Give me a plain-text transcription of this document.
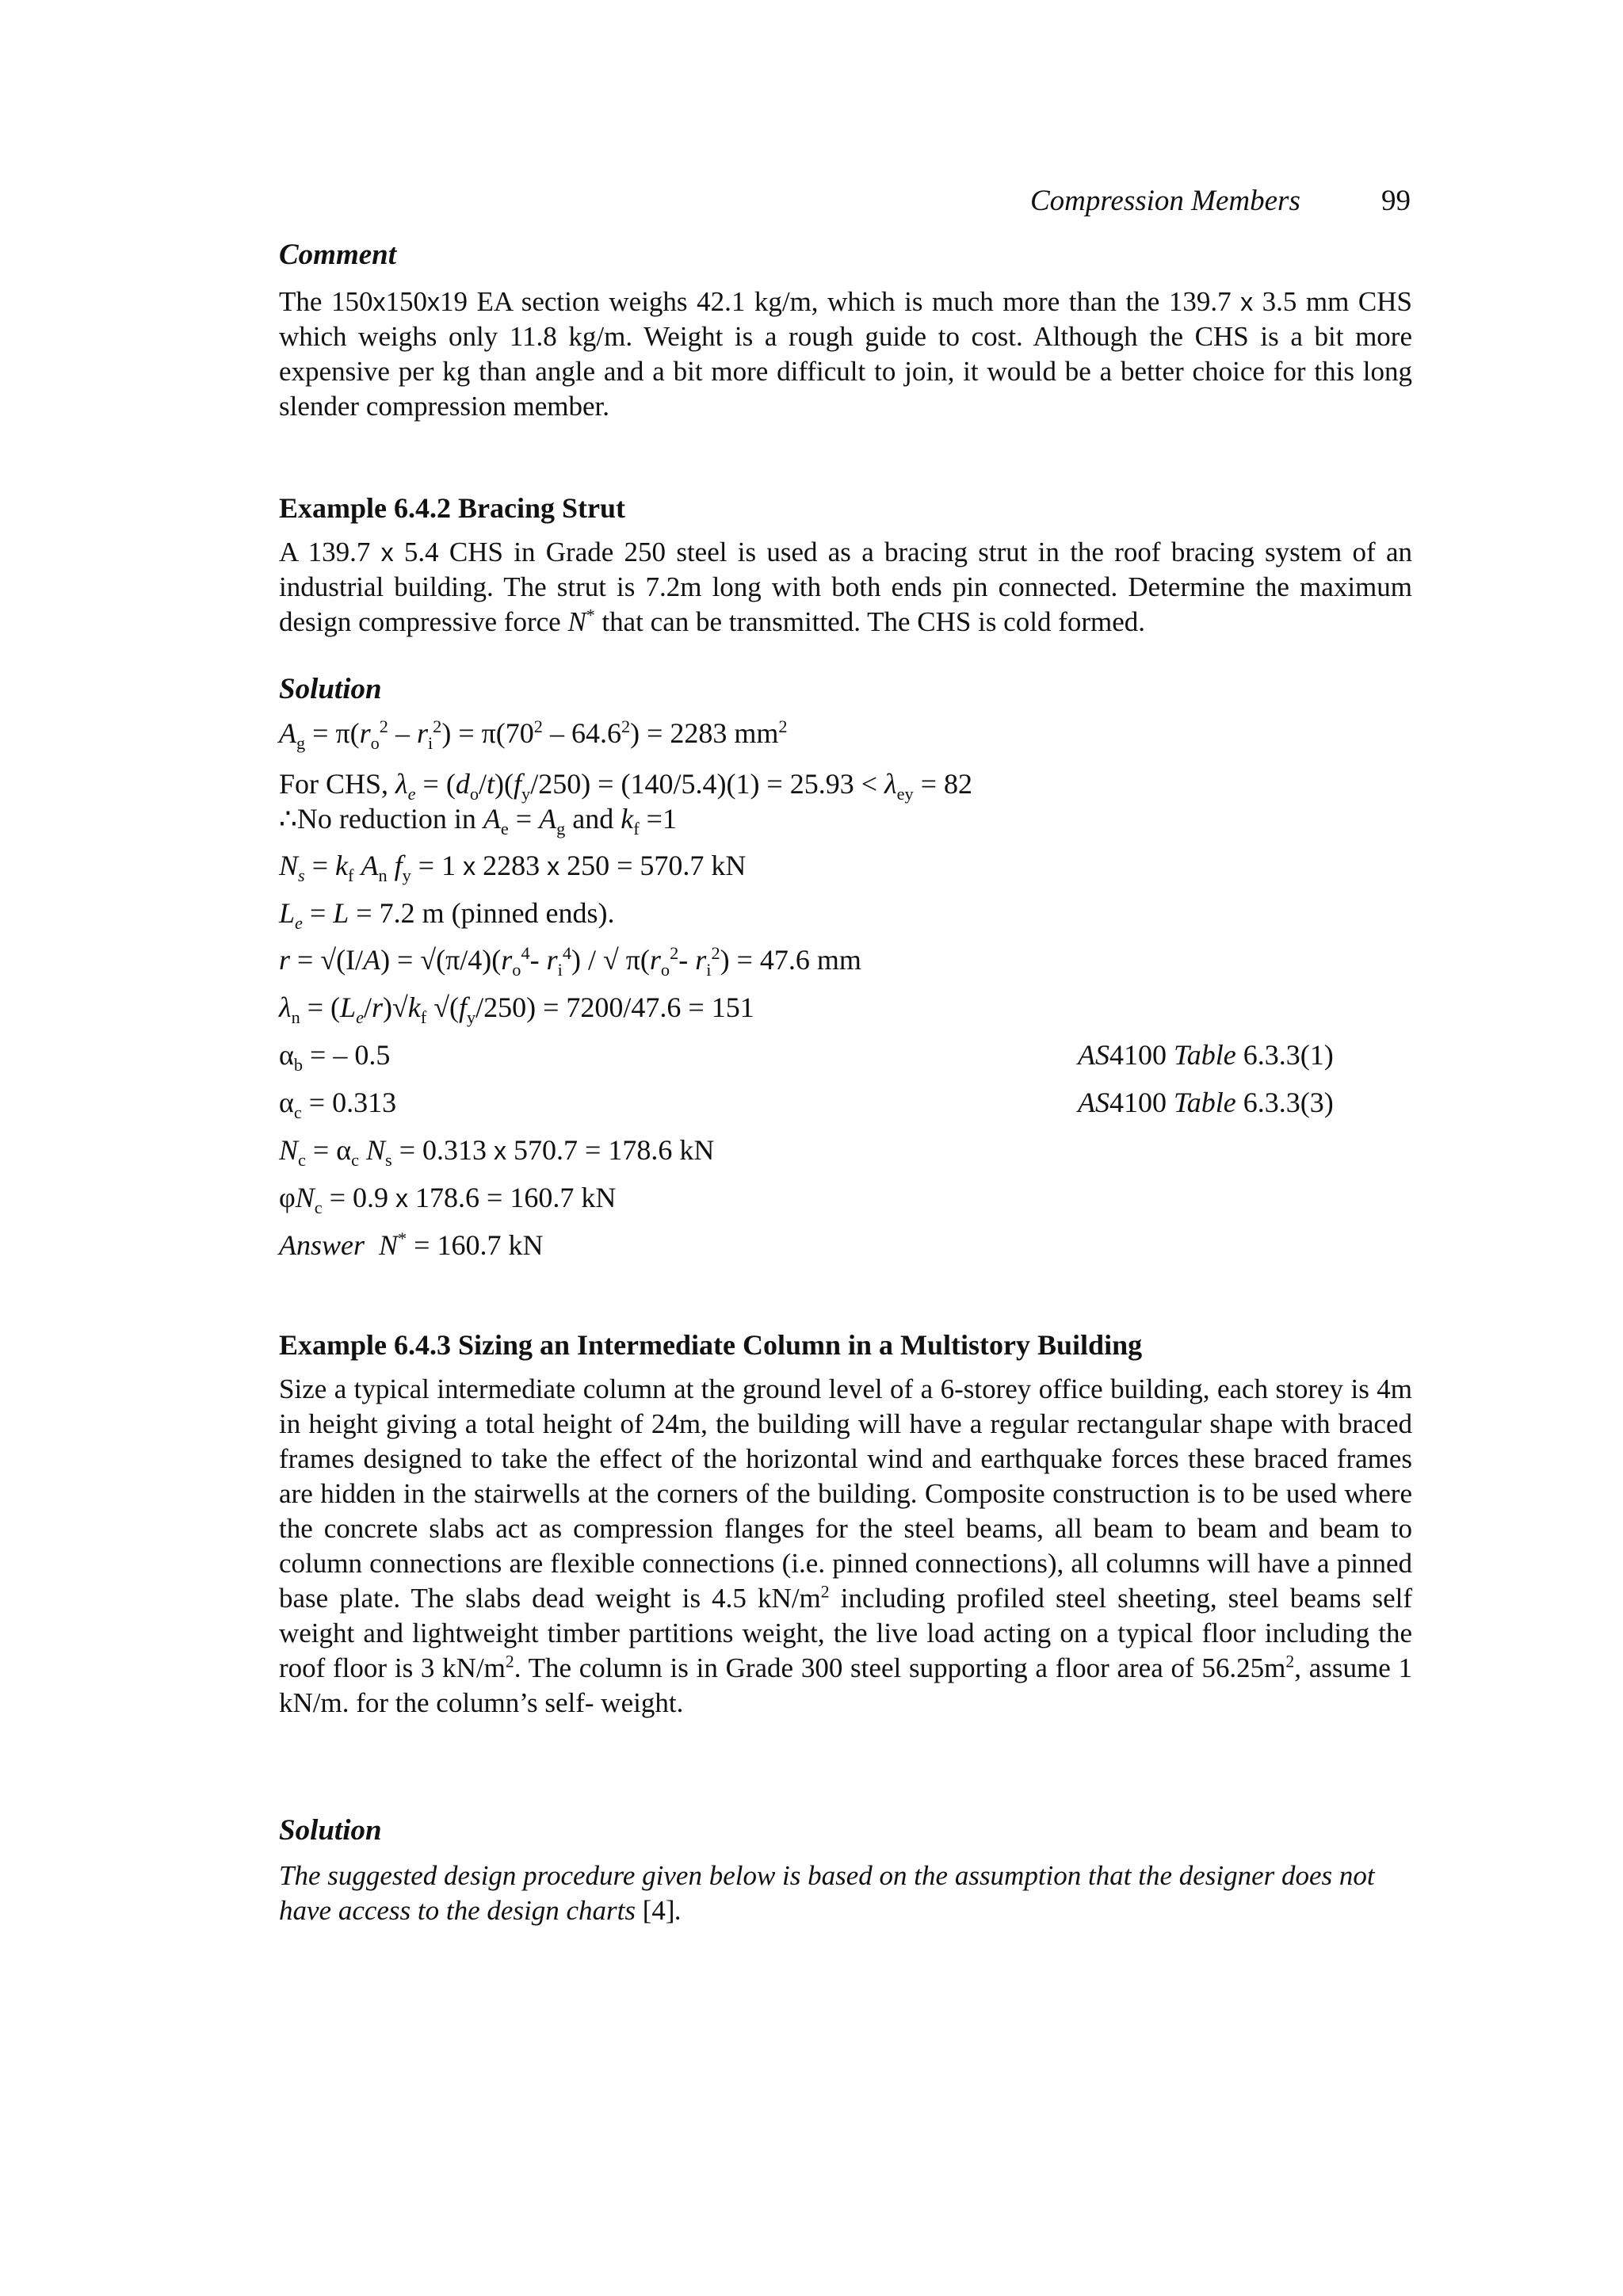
Compression Members	99
Comment
The 150x150x19 EA section weighs 42.1 kg/m, which is much more than the 139.7 x 3.5 mm CHS which weighs only 11.8 kg/m. Weight is a rough guide to cost. Although the CHS is a bit more expensive per kg than angle and a bit more difficult to join, it would be a better choice for this long slender compression member.
Example 6.4.2 Bracing Strut
A 139.7 x 5.4 CHS in Grade 250 steel is used as a bracing strut in the roof bracing system of an industrial building. The strut is 7.2m long with both ends pin connected. Determine the maximum design compressive force N* that can be transmitted. The CHS is cold formed.
Solution
$A_g = \pi(r_o^2 - r_i^2) = \pi(70^2 - 64.6^2) = 2283$ $mm^2$
For CHS, $\lambda_e = (d_o/t)(f_y/250) = (140/5.4)(1) = 25.93 < \lambda_{ey} = 82$
∴No reduction in $A_e = A_g$ and $k_f =1$
$N_s = k_f$ $A_n$ $f_y = 1$ x 2283 x 250 = 570.7 kN
$L_e = L = 7.2$ m (pinned ends).
$r = √(I/A) = √(\pi/4)(r_o^4-$ $r_i^4$) / √ $\pi(r_o^2-$ $r_i^2) = 47.6$ mm
$\lambda_n = (L_e/r)√k_f$ $√(f_y/250) = 7200/47.6 = 151$
$\alpha_b$ = – 0.5	AS4100 Table 6.3.3(1)
$\alpha_c = 0.313$	AS4100 Table 6.3.3(3)
$N_c = \alpha_c$ $N_s = 0.313$ x 570.7 = 178.6 kN
$\varphi N_c = 0.9$ x 178.6 = 160.7 kN
Answer  N* = 160.7 kN
Example 6.4.3 Sizing an Intermediate Column in a Multistory Building
Size a typical intermediate column at the ground level of a 6-storey office building, each storey is 4m in height giving a total height of 24m, the building will have a regular rectangular shape with braced frames designed to take the effect of the horizontal wind and earthquake forces these braced frames are hidden in the stairwells at the corners of the building. Composite construction is to be used where the concrete slabs act as compression flanges for the steel beams, all beam to beam and beam to column connections are flexible connections (i.e. pinned connections), all columns will have a pinned base plate. The slabs dead weight is 4.5 $kN/m^2$ including profiled steel sheeting, steel beams self weight and lightweight timber partitions weight, the live load acting on a typical floor including the roof floor is 3 $kN/m^2$. The column is in Grade 300 steel supporting a floor area of $56.25m^2$, assume 1 kN/m. for the column’s self- weight.
Solution
The suggested design procedure given below is based on the assumption that the designer does not have access to the design charts [4].
